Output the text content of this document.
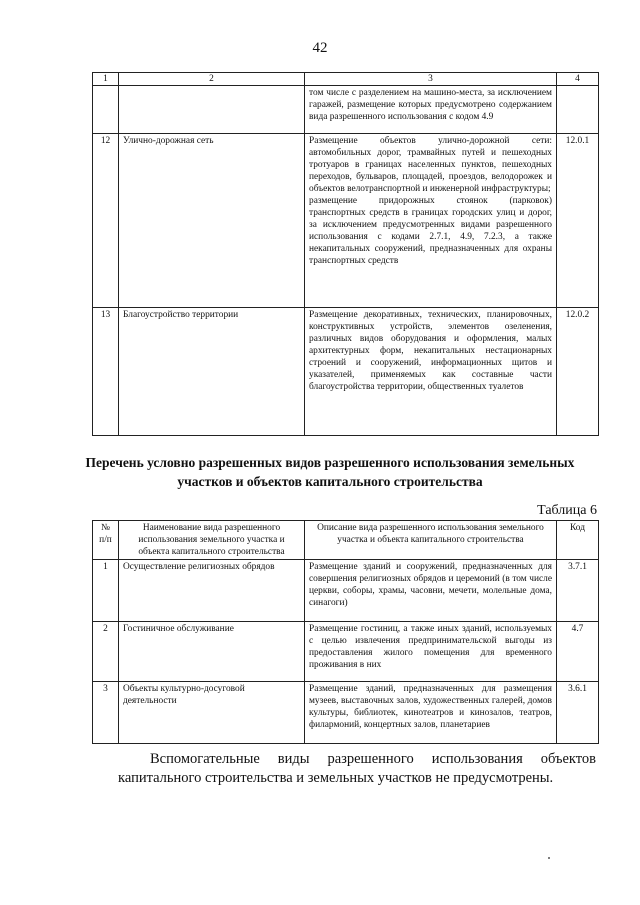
42
1	2	3	4
		том числе с разделением на машино-места, за исключением гаражей, размещение которых предусмотрено содержанием вида разрешенного использования с кодом 4.9	
12	Улично-дорожная сеть	Размещение объектов улично-дорожной сети: автомобильных дорог, трамвайных путей и пешеходных тротуаров в границах населенных пунктов, пешеходных переходов, бульваров, площадей, проездов, велодорожек и объектов велотранспортной и инженерной инфраструктуры;
размещение придорожных стоянок (парковок) транспортных средств в границах городских улиц и дорог, за исключением предусмотренных видами разрешенного использования с кодами 2.7.1, 4.9, 7.2.3, а также некапитальных сооружений, предназначенных для охраны транспортных средств	12.0.1
13	Благоустройство территории	Размещение декоративных, технических, планировочных, конструктивных устройств, элементов озеленения, различных видов оборудования и оформления, малых архитектурных форм, некапитальных нестационарных строений и сооружений, информационных щитов и указателей, применяемых как составные части благоустройства территории, общественных туалетов	12.0.2
Перечень условно разрешенных видов разрешенного использования земельных участков и объектов капитального строительства
Таблица 6
№ п/п	Наименование вида разрешенного использования земельного участка и объекта капитального строительства	Описание вида разрешенного использования земельного участка и объекта капитального строительства	Код
1	Осуществление религиозных обрядов	Размещение зданий и сооружений, предназначенных для совершения религиозных обрядов и церемоний (в том числе церкви, соборы, храмы, часовни, мечети, молельные дома, синагоги)	3.7.1
2	Гостиничное обслуживание	Размещение гостиниц, а также иных зданий, используемых с целью извлечения предпринимательской выгоды из предоставления жилого помещения для временного проживания в них	4.7
3	Объекты культурно-досуговой деятельности	Размещение зданий, предназначенных для размещения музеев, выставочных залов, художественных галерей, домов культуры, библиотек, кинотеатров и кинозалов, театров, филармоний, концертных залов, планетариев	3.6.1
Вспомогательные виды разрешенного использования объектов капитального строительства и земельных участков не предусмотрены.
